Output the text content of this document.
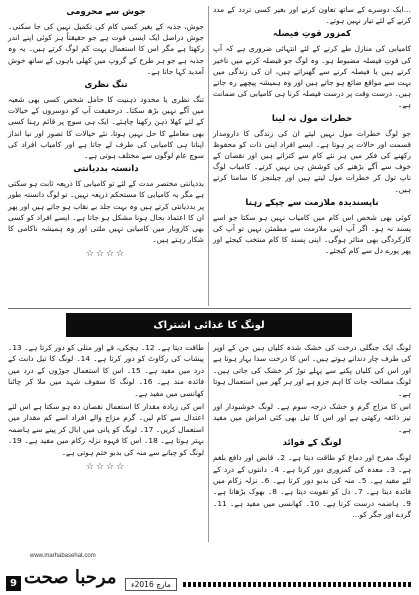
جوش سے محرومی

جوش، جذبہ کے بغیر کسی کام کی تکمیل نہیں کی جا سکتی۔ جوش دراصل ایک ایسی قوت ہے جو حقیقتاً ہر کوئی اپنے اندر رکھتا ہے مگر اس کا استعمال بہت کم لوگ کرتے ہیں۔ یہ وہ جذبہ ہے جو ہر طرح کے گروپ میں کھلی باہوں کے ساتھ خوش آمدید کہا جاتا ہے۔

تنگ نظری

تنگ نظری یا محدود ذہنیت کا حامل شخص کسی بھی شعبہ میں آگے نہیں بڑھ سکتا۔ درحقیقت آپ کو دوسروں کے خیالات کے لئے کھلا ذہن رکھنا چاہئے۔ ایک ہی سوچ پر قائم رہنا کسی بھی معاملے کا حل نہیں ہوتا، نئے خیالات کا تصور اور نیا انداز اپنانا ہی کامیابی کی طرف لے جاتا ہے اور کامیاب افراد کی سوچ عام لوگوں سے مختلف ہوتی ہے۔

دانستہ بددیانتی

بددیانتی مختصر مدت کے لئے تو کامیابی کا ذریعہ ثابت ہو سکتی ہے مگر یہ کامیابی کا مستحکم ذریعہ نہیں۔ تو لوگ دانستہ طور پر بددیانتی کرتے ہیں وہ بہت جلد بے نقاب ہو جاتے ہیں اور پھر ان کا اعتماد بحال ہونا مشکل ہو جاتا ہے۔ ایسے افراد کو کسی بھی کاروبار میں کامیابی نہیں ملتی اور وہ ہمیشہ ناکامی کا شکار رہتے ہیں۔

☆☆☆☆

…ایک دوسرے کے ساتھ تعاون کرنے اور بغیر کسی تردد کے مدد کرنے کے لئے تیار نہیں ہوتے۔

کمزور قوتِ فیصلہ

کامیابی کی منازل طے کرنے کے لئے انتہائی ضروری ہے کہ آپ کی قوتِ فیصلہ مضبوط ہو۔ وہ لوگ جو فیصلہ کرنے میں تاخیر کرتے ہیں یا فیصلہ کرنے سے گھبراتے ہیں، ان کی زندگی میں بہت سے مواقع ضائع ہو جاتے ہیں اور وہ ہمیشہ پیچھے رہ جاتے ہیں۔ درست وقت پر درست فیصلہ کرنا ہی کامیابی کی ضمانت ہے۔

خطرات مول نہ لینا

جو لوگ خطرات مول نہیں لیتے ان کی زندگی کا دارومدار قسمت اور حالات پر ہوتا ہے۔ ایسے افراد اپنی ذات کو محفوظ رکھنے کی فکر میں ہر نئے کام سے کتراتے ہیں اور نقصان کے خوف سے آگے بڑھنے کی کوشش ہی نہیں کرتے۔ کامیاب لوگ ناپ تول کر خطرات مول لیتے ہیں اور چیلنجز کا سامنا کرتے ہیں۔

ناپسندیدہ ملازمت سے چپکے رہنا

کوئی بھی شخص اس کام میں کامیاب نہیں ہو سکتا جو اسے پسند نہ ہو۔ اگر آپ اپنی ملازمت سے مطمئن نہیں تو آپ کی کارکردگی بھی متاثر ہوگی۔ اپنی پسند کا کام منتخب کیجئے اور پھر پورے دل سے کام کیجئے۔

لونگ کا غذائی اشتراک

لونگ ایک جنگلی درخت کی خشک شدہ کلیاں ہیں جن کے اوپر کی طرف چار دندانے ہوتے ہیں۔ اس کا درخت سدا بہار ہوتا ہے اور اس کی کلیاں پکنے سے پہلے توڑ کر خشک کی جاتی ہیں۔ لونگ مصالحہ جات کا اہم جزو ہے اور ہر گھر میں استعمال ہوتا ہے۔

اس کا مزاج گرم و خشک درجہ سوم ہے۔ لونگ خوشبودار اور تیز ذائقہ رکھتی ہے اور اس کا تیل بھی کئی امراض میں مفید ہے۔

لونگ کے فوائد

لونگ مفرح اور دماغ کو طاقت دیتا ہے۔ 2۔ قابض اور دافع بلغم ہے۔ 3۔ معدہ کی کمزوری دور کرتا ہے۔ 4۔ دانتوں کے درد کے لئے مفید ہے۔ 5۔ منہ کی بدبو دور کرتا ہے۔ 6۔ نزلہ زکام میں فائدہ دیتا ہے۔ 7۔ دل کو تقویت دیتا ہے۔ 8۔ بھوک بڑھاتا ہے۔ 9۔ ہاضمہ درست کرتا ہے۔ 10۔ کھانسی میں مفید ہے۔ 11۔ گردے اور جگر کو…

طاقت دیتا ہے۔ 12۔ ہچکی، قے اور متلی کو دور کرتا ہے۔ 13۔ پیشاب کی رکاوٹ کو دور کرتا ہے۔ 14۔ لونگ کا تیل دانت کے درد میں مفید ہے۔ 15۔ اس کا استعمال جوڑوں کے درد میں فائدہ مند ہے۔ 16۔ لونگ کا سفوف شہد میں ملا کر چاٹنا کھانسی میں مفید ہے۔

اس کی زیادہ مقدار کا استعمال نقصان دہ ہو سکتا ہے اس لئے اعتدال سے کام لیں۔ گرم مزاج والے افراد اسے کم مقدار میں استعمال کریں۔ 17۔ لونگ کو پانی میں ابال کر پینے سے ہاضمہ بہتر ہوتا ہے۔ 18۔ اس کا قہوہ نزلہ زکام میں مفید ہے۔ 19۔ لونگ کو چبانے سے منہ کی بدبو ختم ہوتی ہے۔

☆☆☆☆
www.marhabasehat.com
مرحبا صحت	مارچ 2016ء
9
